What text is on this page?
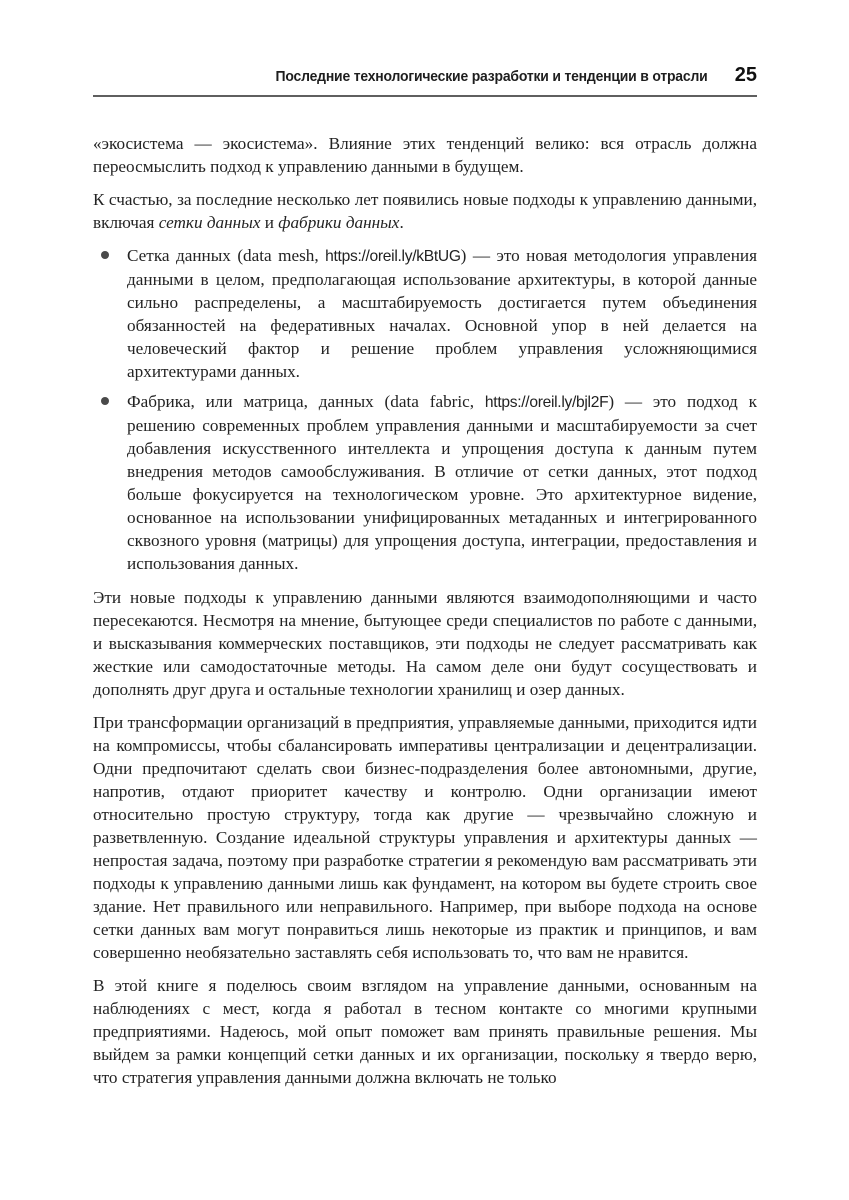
Последние технологические разработки и тенденции в отрасли 25

«экосистема — экосистема». Влияние этих тенденций велико: вся отрасль должна переосмыслить подход к управлению данными в будущем.

К счастью, за последние несколько лет появились новые подходы к управлению данными, включая сетки данных и фабрики данных.

Сетка данных (data mesh, https://oreil.ly/kBtUG) — это новая методология управления данными в целом, предполагающая использование архитектуры, в которой данные сильно распределены, а масштабируемость достигается путем объединения обязанностей на федеративных началах. Основной упор в ней делается на человеческий фактор и решение проблем управления усложняющимися архитектурами данных.
Фабрика, или матрица, данных (data fabric, https://oreil.ly/bjl2F) — это подход к решению современных проблем управления данными и масштабируемости за счет добавления искусственного интеллекта и упрощения доступа к данным путем внедрения методов самообслуживания. В отличие от сетки данных, этот подход больше фокусируется на технологическом уровне. Это архитектурное видение, основанное на использовании унифицированных метаданных и интегрированного сквозного уровня (матрицы) для упрощения доступа, интеграции, предоставления и использования данных.

Эти новые подходы к управлению данными являются взаимодополняющими и часто пересекаются. Несмотря на мнение, бытующее среди специалистов по работе с данными, и высказывания коммерческих поставщиков, эти подходы не следует рассматривать как жесткие или самодостаточные методы. На самом деле они будут сосуществовать и дополнять друг друга и остальные технологии хранилищ и озер данных.

При трансформации организаций в предприятия, управляемые данными, приходится идти на компромиссы, чтобы сбалансировать императивы централизации и децентрализации. Одни предпочитают сделать свои бизнес-подразделения более автономными, другие, напротив, отдают приоритет качеству и контролю. Одни организации имеют относительно простую структуру, тогда как другие — чрезвычайно сложную и разветвленную. Создание идеальной структуры управления и архитектуры данных — непростая задача, поэтому при разработке стратегии я рекомендую вам рассматривать эти подходы к управлению данными лишь как фундамент, на котором вы будете строить свое здание. Нет правильного или неправильного. Например, при выборе подхода на основе сетки данных вам могут понравиться лишь некоторые из практик и принципов, и вам совершенно необязательно заставлять себя использовать то, что вам не нравится.

В этой книге я поделюсь своим взглядом на управление данными, основанным на наблюдениях с мест, когда я работал в тесном контакте со многими крупными предприятиями. Надеюсь, мой опыт поможет вам принять правильные решения. Мы выйдем за рамки концепций сетки данных и их организации, поскольку я твердо верю, что стратегия управления данными должна включать не только
